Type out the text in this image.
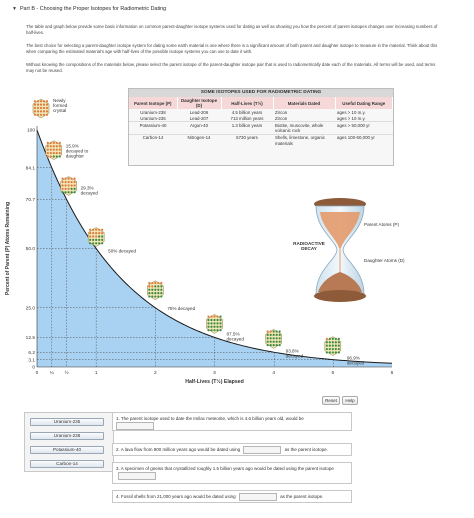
▼ Part B - Choosing the Proper Isotopes for Radiometric Dating
The table and graph below provide some basic information on common parent-daughter isotope systems used for dating as well as showing you how the percent of parent isotopes changes over increasing numbers of half-lives.
The best choice for selecting a parent-daughter isotope system for dating some earth material is one where there is a significant amount of both parent and daughter isotope to measure in the material. Think about this when comparing the estimated material's age with half-lives of the possible isotope systems you can use to date it with.
Without knowing the compositions of the materials below, please select the parent isotope of the parent-daughter isotope pair that is used to radiometrically date each of the materials. All terms will be used, and terms may not be reused.
100
84.1
70.7
50.0
25.0
12.5
6.2
3.1
0
0 ¼ ½	1	2	3	4	5	6
Half-Lives (T½) Elapsed
Percent of Parent (P) Atoms Remaining
Newly formed crystal
15.9% decayed to daughter
29.3% decayed
50% decayed
75% decayed
87.5% decayed
93.8% decayed	96.9% decayed
SOME ISOTOPES USED FOR RADIOMETRIC DATING
Parent Isotope (P)	Daughter Isotope (D)	Half-Lives (T½)	Materials Dated	Useful Dating Range
Uranium-238	Lead-206	4.5 billion years	Zircon	ages > 10 m.y.
Uranium-235	Lead-207	713 million years	Zircon	ages > 10 m.y.
Potassium-40	Argon-40	1.3 billion years	Biotite, muscovite, whole volcanic rock	ages > 50,000 yr
Carbon-14	Nitrogen-14	5730 years	Shells, limestone, organic materials	ages 100-60,000 yr
Parent Atoms (P)
RADIOACTIVE DECAY
Daughter Atoms (D)
Reset	Help
Uranium-235
Uranium-238
Potassium-40
Carbon-14
1. The parent isotope used to date the Imilac meteorite, which is 4.6 billion years old, would be

2. A lava flow from 900 million years ago would be dated using	as the parent isotope.
3. A specimen of gneiss that crystallized roughly 1.5 billion years ago would be dated using the parent isotope
4. Fossil shells from 21,000 years ago would be dated using	as the parent isotope.
